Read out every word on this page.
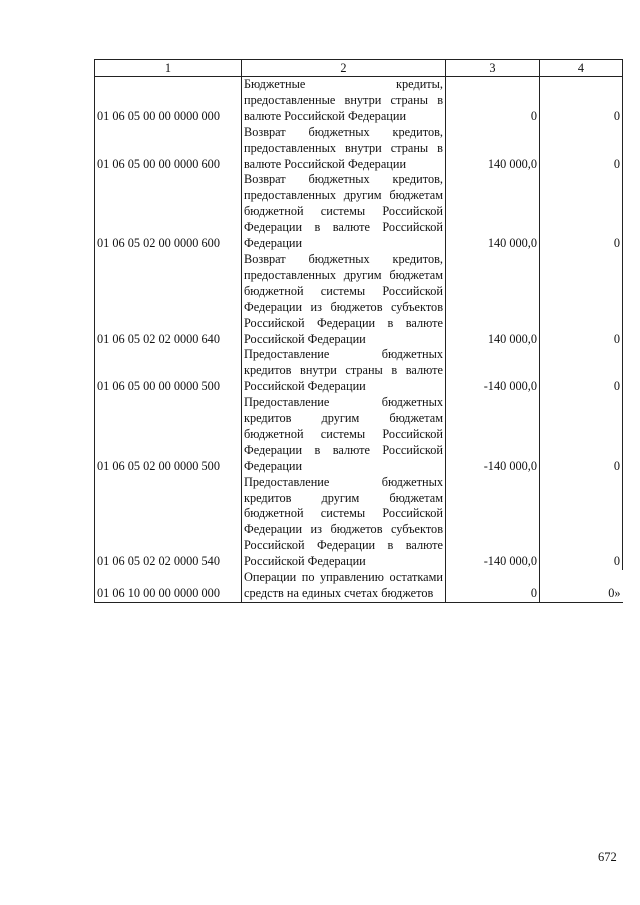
1	2	3	4
01 06 05 00 00 0000 000	Бюджетные кредиты, предоставленные внутри страны в валюте Российской Федерации	0	0
01 06 05 00 00 0000 600	Возврат бюджетных кредитов, предоставленных внутри страны в валюте Российской Федерации	140 000,0	0
01 06 05 02 00 0000 600	Возврат бюджетных кредитов, предоставленных другим бюджетам бюджетной системы Российской Федерации в валюте Российской Федерации	140 000,0	0
01 06 05 02 02 0000 640	Возврат бюджетных кредитов, предоставленных другим бюджетам бюджетной системы Российской Федерации из бюджетов субъектов Российской Федерации в валюте Российской Федерации	140 000,0	0
01 06 05 00 00 0000 500	Предоставление бюджетных кредитов внутри страны в валюте Российской Федерации	-140 000,0	0
01 06 05 02 00 0000 500	Предоставление бюджетных кредитов другим бюджетам бюджетной системы Российской Федерации в валюте Российской Федерации	-140 000,0	0
01 06 05 02 02 0000 540	Предоставление бюджетных кредитов другим бюджетам бюджетной системы Российской Федерации из бюджетов субъектов Российской Федерации в валюте Российской Федерации	-140 000,0	0
01 06 10 00 00 0000 000	Операции по управлению остатками средств на единых счетах бюджетов	0	0»
672
